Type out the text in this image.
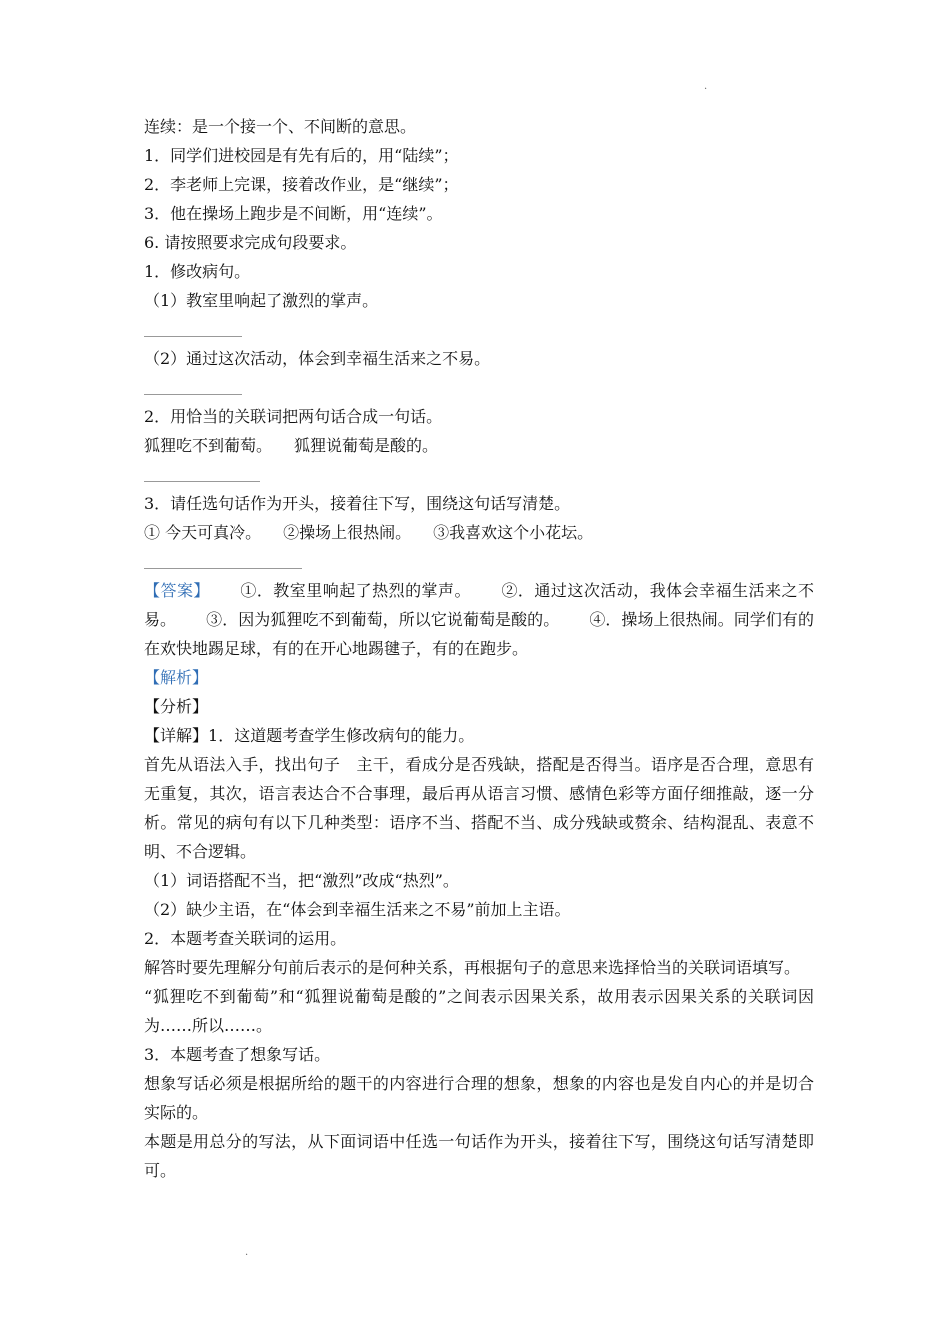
.
连续：是一个接一个、不间断的意思。
1．同学们进校园是有先有后的，用“陆续”；
2．李老师上完课，接着改作业，是“继续”；
3．他在操场上跑步是不间断，用“连续”。
6. 请按照要求完成句段要求。
1．修改病句。
（1）教室里响起了激烈的掌声。
（2）通过这次活动，体会到幸福生活来之不易。
2．用恰当的关联词把两句话合成一句话。
狐狸吃不到葡萄。 狐狸说葡萄是酸的。
3．请任选句话作为开头，接着往下写，围绕这句话写清楚。
① 今天可真冷。 ②操场上很热闹。 ③我喜欢这个小花坛。
【答案】 ①．教室里响起了热烈的掌声。 ②．通过这次活动，我体会幸福生活来之不易。 ③．因为狐狸吃不到葡萄，所以它说葡萄是酸的。 ④．操场上很热闹。同学们有的在欢快地踢足球，有的在开心地踢毽子，有的在跑步。
【解析】
【分析】
【详解】1．这道题考查学生修改病句的能力。
首先从语法入手，找出句子　主干，看成分是否残缺，搭配是否得当。语序是否合理，意思有无重复，其次，语言表达合不合事理，最后再从语言习惯、感情色彩等方面仔细推敲，逐一分析。常见的病句有以下几种类型：语序不当、搭配不当、成分残缺或赘余、结构混乱、表意不明、不合逻辑。
（1）词语搭配不当，把“激烈”改成“热烈”。
（2）缺少主语，在“体会到幸福生活来之不易”前加上主语。
2．本题考查关联词的运用。
解答时要先理解分句前后表示的是何种关系，再根据句子的意思来选择恰当的关联词语填写。
“狐狸吃不到葡萄”和“狐狸说葡萄是酸的”之间表示因果关系，故用表示因果关系的关联词因为……所以……。
3．本题考查了想象写话。
想象写话必须是根据所给的题干的内容进行合理的想象，想象的内容也是发自内心的并是切合实际的。
本题是用总分的写法，从下面词语中任选一句话作为开头，接着往下写，围绕这句话写清楚即可。
.
